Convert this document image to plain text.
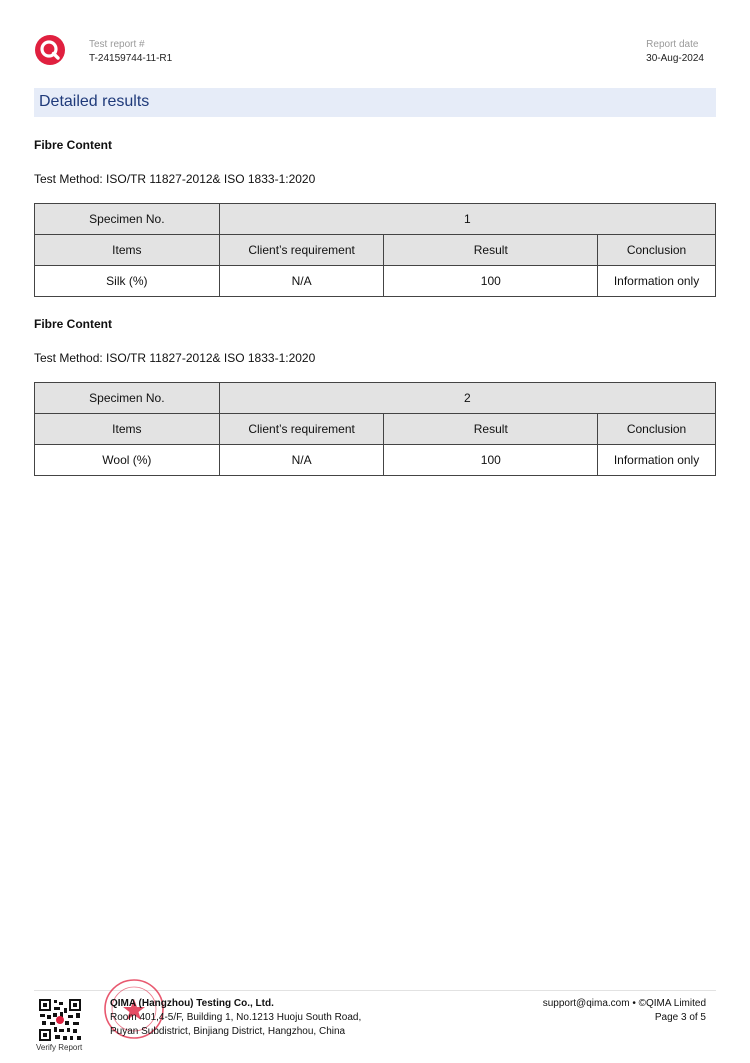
Test report #
T-24159744-11-R1
Report date
30-Aug-2024
Detailed results
Fibre Content
Test Method: ISO/TR 11827-2012& ISO 1833-1:2020
Specimen No.	1		
Items	Client’s requirement	Result	Conclusion
Silk (%)	N/A	100	Information only
Fibre Content
Test Method: ISO/TR 11827-2012& ISO 1833-1:2020
Specimen No.	2		
Items	Client’s requirement	Result	Conclusion
Wool (%)	N/A	100	Information only
Verify Report
QIMA (Hangzhou) Testing Co., Ltd.
Room 401,4-5/F, Building 1, No.1213 Huoju South Road,
Puyan Subdistrict, Binjiang District, Hangzhou, China
support@qima.com • ©QIMA Limited
Page 3 of 5
